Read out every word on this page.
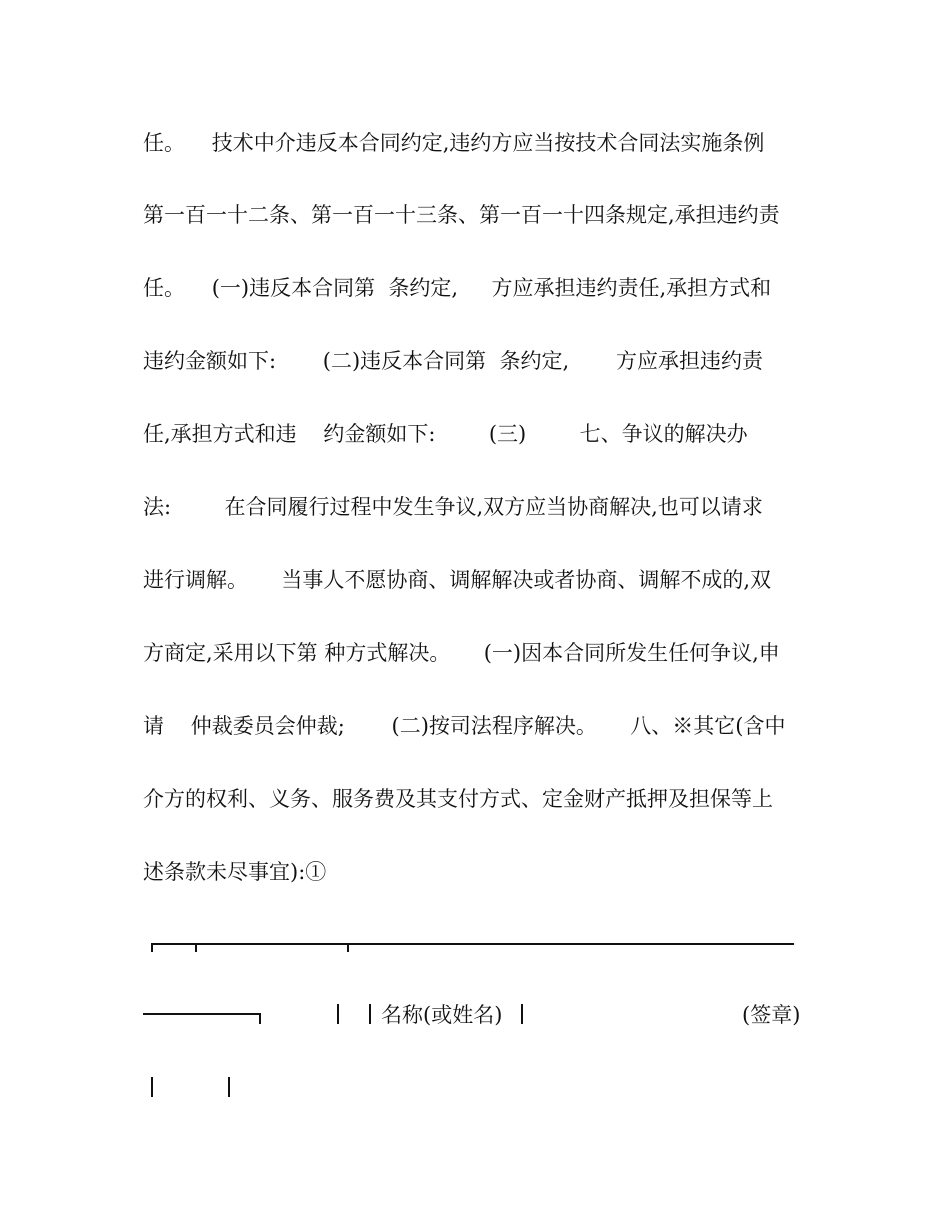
任。    技术中介违反本合同约定,违约方应当按技术合同法实施条例
第一百一十二条、第一百一十三条、第一百一十四条规定,承担违约责
任。    (一)违反本合同第  条约定,     方应承担违约责任,承担方式和
违约金额如下:       (二)违反本合同第  条约定,       方应承担违约责
任,承担方式和违    约金额如下:        (三)        七、争议的解决办
法:        在合同履行过程中发生争议,双方应当协商解决,也可以请求
进行调解。     当事人不愿协商、调解解决或者协商、调解不成的,双
方商定,采用以下第 种方式解决。     (一)因本合同所发生任何争议,申
请    仲裁委员会仲裁;       (二)按司法程序解决。     八、※其它(含中
介方的权利、义务、服务费及其支付方式、定金财产抵押及担保等上
述条款未尽事宜):①
名称(或姓名)	(签章)
